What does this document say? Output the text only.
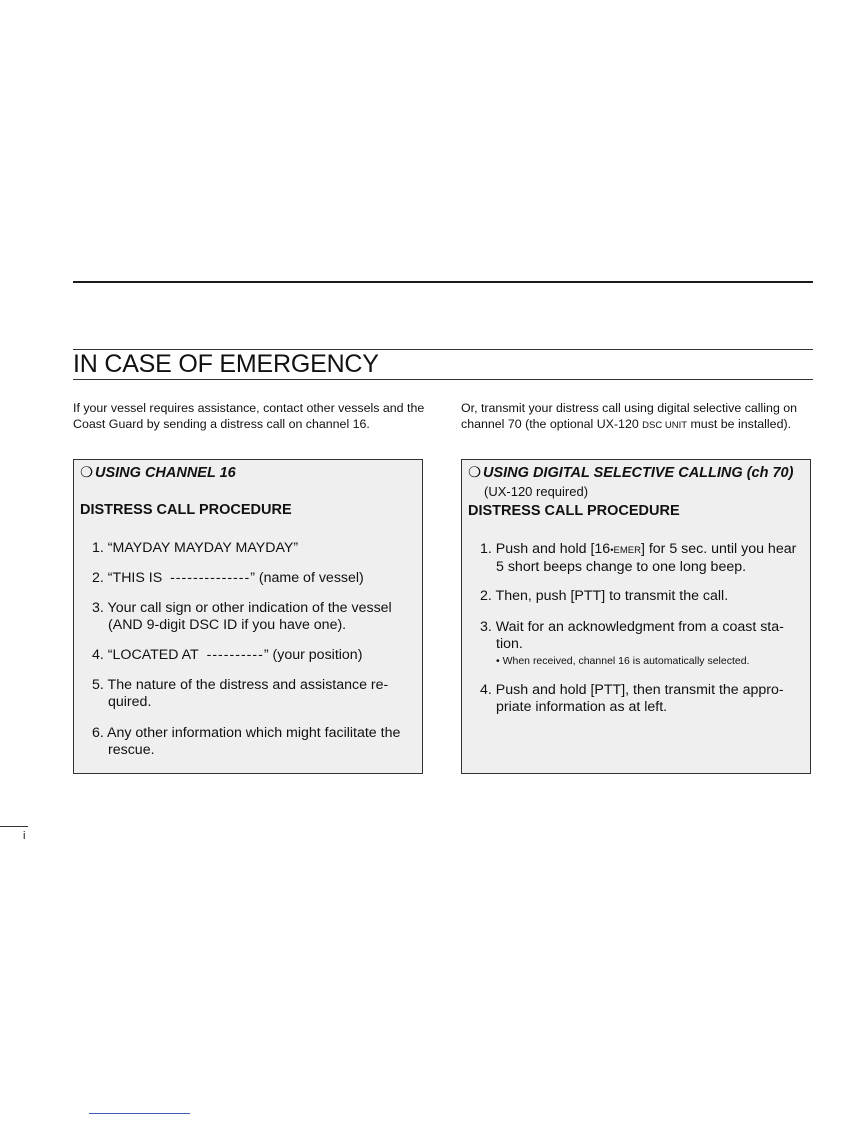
IN CASE OF EMERGENCY

If your vessel requires assistance, contact other vessels and the Coast Guard by sending a distress call on channel 16.

Or, transmit your distress call using digital selective calling on channel 70 (the optional UX-120 DSC UNIT must be installed).

❍ USING CHANNEL 16
DISTRESS CALL PROCEDURE
1. “MAYDAY MAYDAY MAYDAY”
2. “THIS IS --------------” (name of vessel)
3. Your call sign or other indication of the vessel (AND 9-digit DSC ID if you have one).
4. “LOCATED AT ----------” (your position)
5. The nature of the distress and assistance re-quired.
6. Any other information which might facilitate the rescue.
❍ USING DIGITAL SELECTIVE CALLING (ch 70)

(UX-120 required)

DISTRESS CALL PROCEDURE
1. Push and hold [16•EMER] for 5 sec. until you hear 5 short beeps change to one long beep.
2. Then, push [PTT] to transmit the call.
3. Wait for an acknowledgment from a coast sta-tion.
• When received, channel 16 is automatically selected.
4. Push and hold [PTT], then transmit the appro-priate information as at left.
i
